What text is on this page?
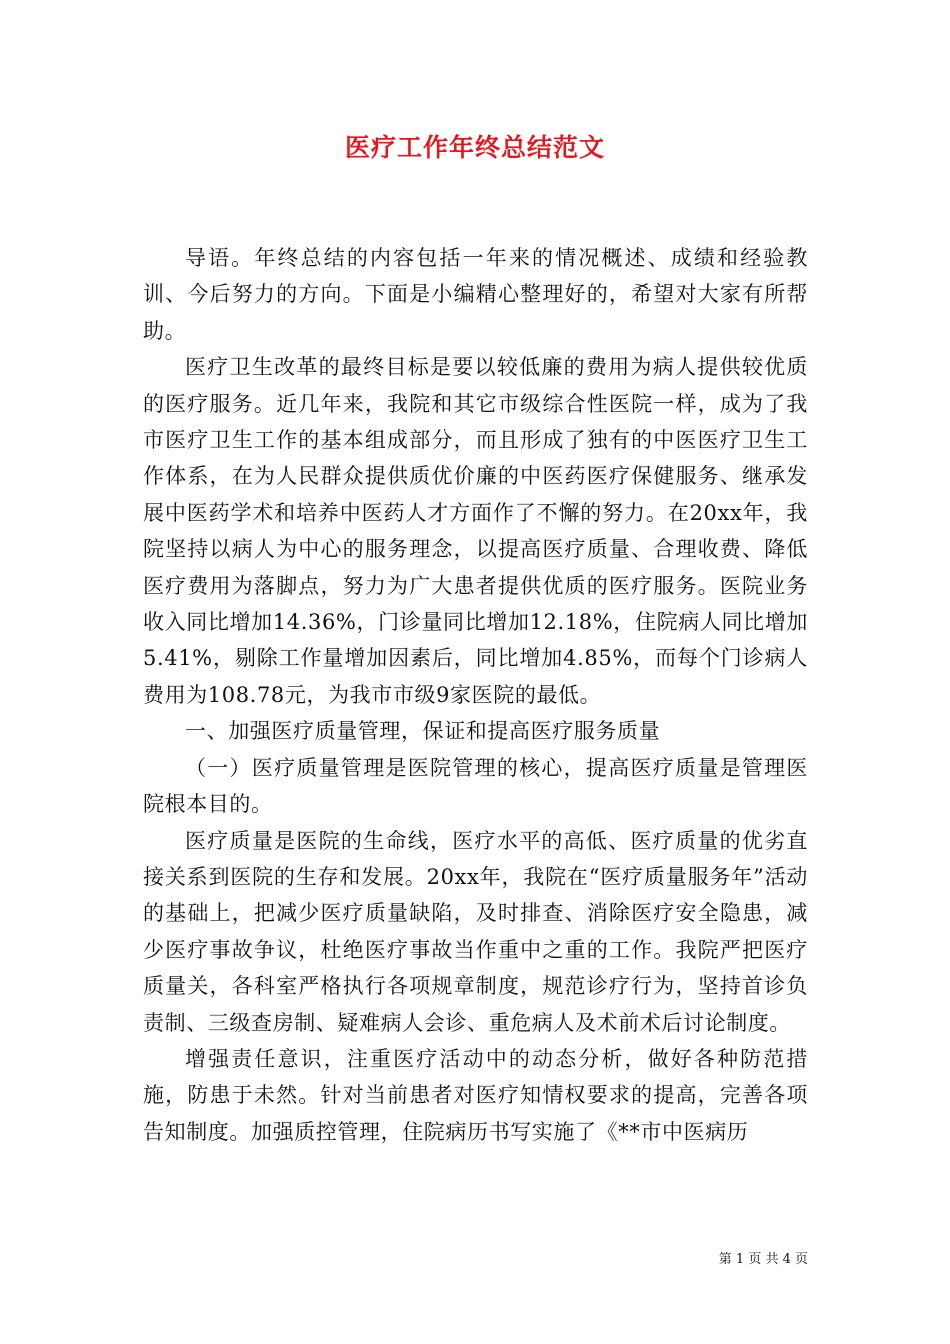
医疗工作年终总结范文

导语。年终总结的内容包括一年来的情况概述、成绩和经验教训、今后努力的方向。下面是小编精心整理好的，希望对大家有所帮助。

医疗卫生改革的最终目标是要以较低廉的费用为病人提供较优质的医疗服务。近几年来，我院和其它市级综合性医院一样，成为了我市医疗卫生工作的基本组成部分，而且形成了独有的中医医疗卫生工作体系，在为人民群众提供质优价廉的中医药医疗保健服务、继承发展中医药学术和培养中医药人才方面作了不懈的努力。在20xx年，我院坚持以病人为中心的服务理念，以提高医疗质量、合理收费、降低医疗费用为落脚点，努力为广大患者提供优质的医疗服务。医院业务收入同比增加14.36%，门诊量同比增加12.18%，住院病人同比增加5.41%，剔除工作量增加因素后，同比增加4.85%，而每个门诊病人费用为108.78元，为我市市级9家医院的最低。

一、加强医疗质量管理，保证和提高医疗服务质量

（一）医疗质量管理是医院管理的核心，提高医疗质量是管理医院根本目的。

医疗质量是医院的生命线，医疗水平的高低、医疗质量的优劣直接关系到医院的生存和发展。20xx年，我院在“医疗质量服务年”活动的基础上，把减少医疗质量缺陷，及时排查、消除医疗安全隐患，减少医疗事故争议，杜绝医疗事故当作重中之重的工作。我院严把医疗质量关，各科室严格执行各项规章制度，规范诊疗行为，坚持首诊负责制、三级查房制、疑难病人会诊、重危病人及术前术后讨论制度。

增强责任意识，注重医疗活动中的动态分析，做好各种防范措施，防患于未然。针对当前患者对医疗知情权要求的提高，完善各项告知制度。加强质控管理，住院病历书写实施了《**市中医病历

第 1 页 共 4 页
